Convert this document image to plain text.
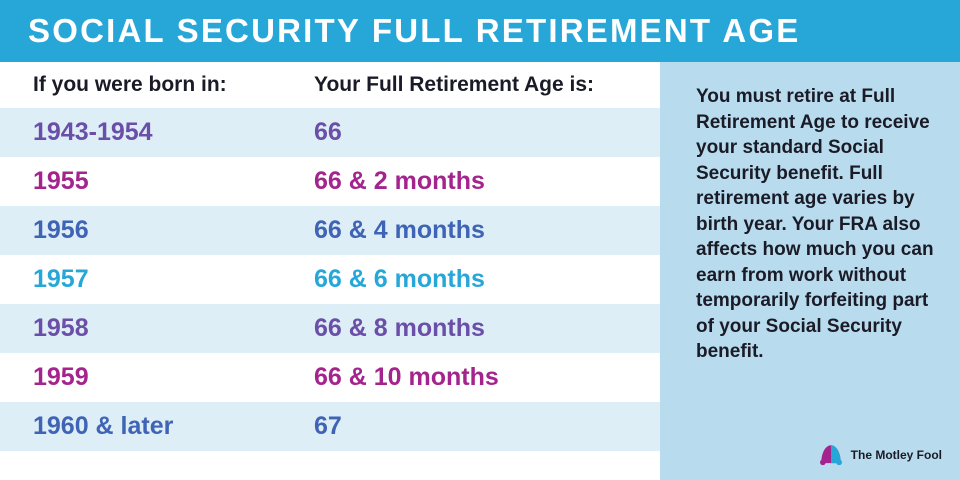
SOCIAL SECURITY FULL RETIREMENT AGE
If you were born in:	Your Full Retirement Age is:
1943-1954	66
1955	66 & 2 months
1956	66 & 4 months
1957	66 & 6 months
1958	66 & 8 months
1959	66 & 10 months
1960 & later	67
You must retire at Full Retirement Age to receive your standard Social Security benefit. Full retirement age varies by birth year. Your FRA also affects how much you can earn from work without temporarily forfeiting part of your Social Security benefit.
The Motley Fool
